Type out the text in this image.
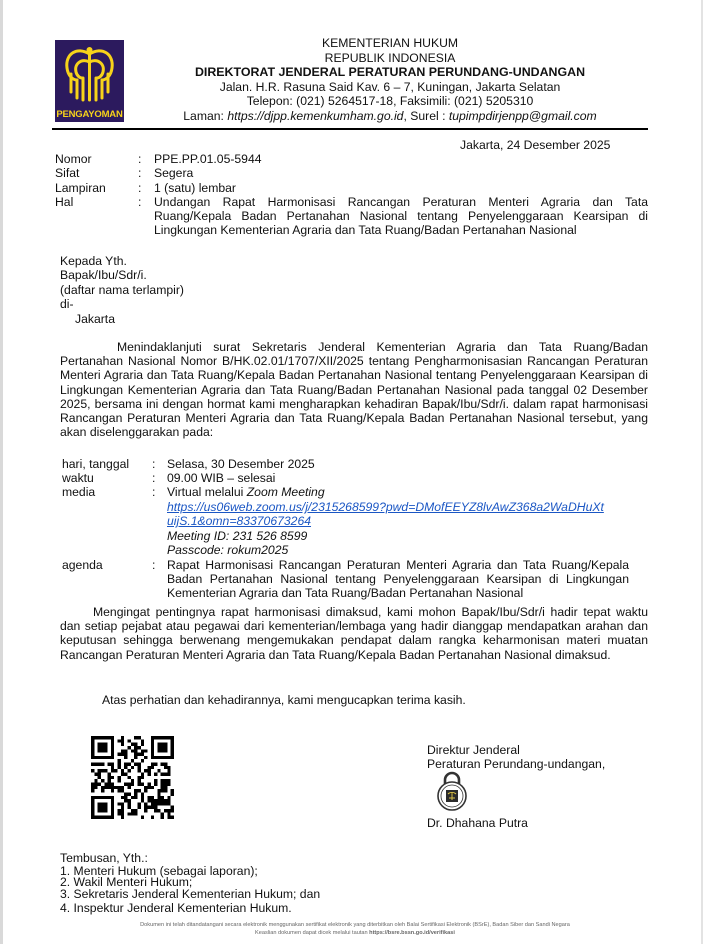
PENGAYOMAN
KEMENTERIAN HUKUM
REPUBLIK INDONESIA
DIREKTORAT JENDERAL PERATURAN PERUNDANG-UNDANGAN
Jalan. H.R. Rasuna Said Kav. 6 – 7, Kuningan, Jakarta Selatan
Telepon: (021) 5264517-18, Faksimili: (021) 5205310
Laman: https://djpp.kemenkumham.go.id, Surel : tupimpdirjenpp@gmail.com
Jakarta, 24 Desember 2025
Nomor	: PPE.PP.01.05-5944
Sifat	: Segera
Lampiran	: 1 (satu) lembar
Hal	: Undangan Rapat Harmonisasi Rancangan Peraturan Menteri Agraria dan Tata Ruang/Kepala Badan Pertanahan Nasional tentang Penyelenggaraan Kearsipan di Lingkungan Kementerian Agraria dan Tata Ruang/Badan Pertanahan Nasional
Kepada Yth.
Bapak/Ibu/Sdr/i.
(daftar nama terlampir)
di-
Jakarta
Menindaklanjuti surat Sekretaris Jenderal Kementerian Agraria dan Tata Ruang/Badan Pertanahan Nasional Nomor B/HK.02.01/1707/XII/2025 tentang Pengharmonisasian Rancangan Peraturan Menteri Agraria dan Tata Ruang/Kepala Badan Pertanahan Nasional tentang Penyelenggaraan Kearsipan di Lingkungan Kementerian Agraria dan Tata Ruang/Badan Pertanahan Nasional pada tanggal 02 Desember 2025, bersama ini dengan hormat kami mengharapkan kehadiran Bapak/Ibu/Sdr/i. dalam rapat harmonisasi Rancangan Peraturan Menteri Agraria dan Tata Ruang/Kepala Badan Pertanahan Nasional tersebut, yang akan diselenggarakan pada:
hari, tanggal	: Selasa, 30 Desember 2025
waktu	: 09.00 WIB – selesai
media	: Virtual melalui Zoom Meeting
https://us06web.zoom.us/j/2315268599?pwd=DMofEEYZ8lvAwZ368a2WaDHuXt
uijS.1&omn=83370673264
Meeting ID: 231 526 8599
Passcode: rokum2025
agenda	: Rapat Harmonisasi Rancangan Peraturan Menteri Agraria dan Tata Ruang/Kepala Badan Pertanahan Nasional tentang Penyelenggaraan Kearsipan di Lingkungan Kementerian Agraria dan Tata Ruang/Badan Pertanahan Nasional
Mengingat pentingnya rapat harmonisasi dimaksud, kami mohon Bapak/Ibu/Sdr/i hadir tepat waktu dan setiap pejabat atau pegawai dari kementerian/lembaga yang hadir dianggap mendapatkan arahan dan keputusan sehingga berwenang mengemukakan pendapat dalam rangka keharmonisan materi muatan Rancangan Peraturan Menteri Agraria dan Tata Ruang/Kepala Badan Pertanahan Nasional dimaksud.
Atas perhatian dan kehadirannya, kami mengucapkan terima kasih.
Direktur Jenderal
Peraturan Perundang-undangan,
Dr. Dhahana Putra
Tembusan, Yth.:
1. Menteri Hukum (sebagai laporan);
2. Wakil Menteri Hukum;
3. Sekretaris Jenderal Kementerian Hukum; dan
4. Inspektur Jenderal Kementerian Hukum.
Dokumen ini telah ditandatangani secara elektronik menggunakan sertifikat elektronik yang diterbitkan oleh Balai Sertifikasi Elektronik (BSrE), Badan Siber dan Sandi Negara
Keaslian dokumen dapat dicek melalui tautan https://bsre.bssn.go.id/verifikasi
